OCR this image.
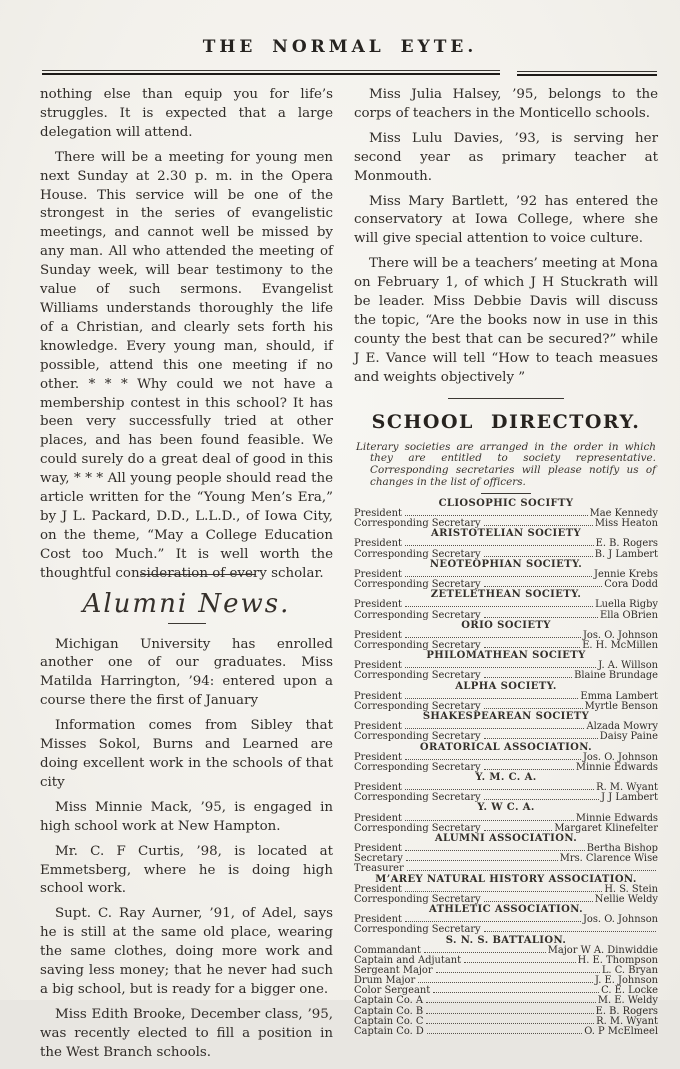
THE NORMAL EYTE.

nothing else than equip you for life’s struggles. It is expected that a large delegation will attend.

There will be a meeting for young men next Sunday at 2.30 p. m. in the Opera House. This service will be one of the strongest in the series of evangelistic meetings, and cannot well be missed by any man. All who attended the meeting of Sunday week, will bear testimony to the value of such sermons. Evangelist Williams understands thoroughly the life of a Christian, and clearly sets forth his knowledge. Every young man, should, if possible, attend this one meeting if no other. * * * Why could we not have a membership contest in this school? It has been very successfully tried at other places, and has been found feasible. We could surely do a great deal of good in this way, * * * All young people should read the article written for the “Young Men’s Era,” by J L. Packard, D.D., L.L.D., of Iowa City, on the theme, “May a College Education Cost too Much.” It is well worth the thoughtful consideration of every scholar.

Alumni News.

Michigan University has enrolled another one of our graduates. Miss Matilda Harrington, ’94: entered upon a course there the first of January

Information comes from Sibley that Misses Sokol, Burns and Learned are doing excellent work in the schools of that city

Miss Minnie Mack, ’95, is engaged in high school work at New Hampton.

Mr. C. F Curtis, ’98, is located at Emmetsberg, where he is doing high school work.

Supt. C. Ray Aurner, ’91, of Adel, says he is still at the same old place, wearing the same clothes, doing more work and saving less money; that he never had such a big school, but is ready for a bigger one.

Miss Edith Brooke, December class, ’95, was recently elected to fill a position in the West Branch schools.

Miss Julia Halsey, ’95, belongs to the corps of teachers in the Monticello schools.

Miss Lulu Davies, ’93, is serving her second year as primary teacher at Monmouth.

Miss Mary Bartlett, ’92 has entered the conservatory at Iowa College, where she will give special attention to voice culture.

There will be a teachers’ meeting at Mona on February 1, of which J H Stuckrath will be leader. Miss Debbie Davis will discuss the topic, “Are the books now in use in this county the best that can be secured?” while J E. Vance will tell “How to teach measues and weights objectively ”

SCHOOL DIRECTORY.
Literary societies are arranged in the order in which they are entitled to society representative. Corresponding secretaries will please notify us of changes in the list of officers.
CLIOSOPHIC SOCIFTY
President	Mae Kennedy
Corresponding Secretary	Miss Heaton
ARISTOTELIAN SOCIETY
President	E. B. Rogers
Corresponding Secretary	B. J Lambert
NEOTEOPHIAN SOCIETY.
President	Jennie Krebs
Corresponding Secretary	Cora Dodd
ZETELETHEAN SOCIETY.
President	Luella Rigby
Corresponding Secretary	Ella OBrien
ORIO SOCIETY
President	Jos. O. Johnson
Corresponding Secretary	E. H. McMillen
PHILOMATHEAN SOCIETY
President	J. A. Willson
Corresponding Secretary	Blaine Brundage
ALPHA SOCIETY.
President	Emma Lambert
Corresponding Secretary	Myrtle Benson
SHAKESPEAREAN SOCIETY
President	Alzada Mowry
Corresponding Secretary	Daisy Paine
ORATORICAL ASSOCIATION.
President	Jos. O. Johnson
Corresponding Secretary	Minnie Edwards
Y. M. C. A.
President	R. M. Wyant
Corresponding Secretary	J J Lambert
Y. W C. A.
President	Minnie Edwards
Corresponding Secretary	Margaret Klinefelter
ALUMNI ASSOCIATION.
President	Bertha Bishop
Secretary	Mrs. Clarence Wise
Treasurer
M’AREY NATURAL HISTORY ASSOCIATION.
President	H. S. Stein
Corresponding Secretary	Nellie Weldy
ATHLETIC ASSOCIATION.
President	Jos. O. Johnson
Corresponding Secretary
S. N. S. BATTALION.
Commandant	Major W A. Dinwiddie
Captain and Adjutant	H. E. Thompson
Sergeant Major	L. C. Bryan
Drum Major	J. E. Johnson
Color Sergeant	C. E. Locke
Captain Co. A	M. E. Weldy
Captain Co. B	E. B. Rogers
Captain Co. C	R. M. Wyant
Captain Co. D	O. P McElmeel
